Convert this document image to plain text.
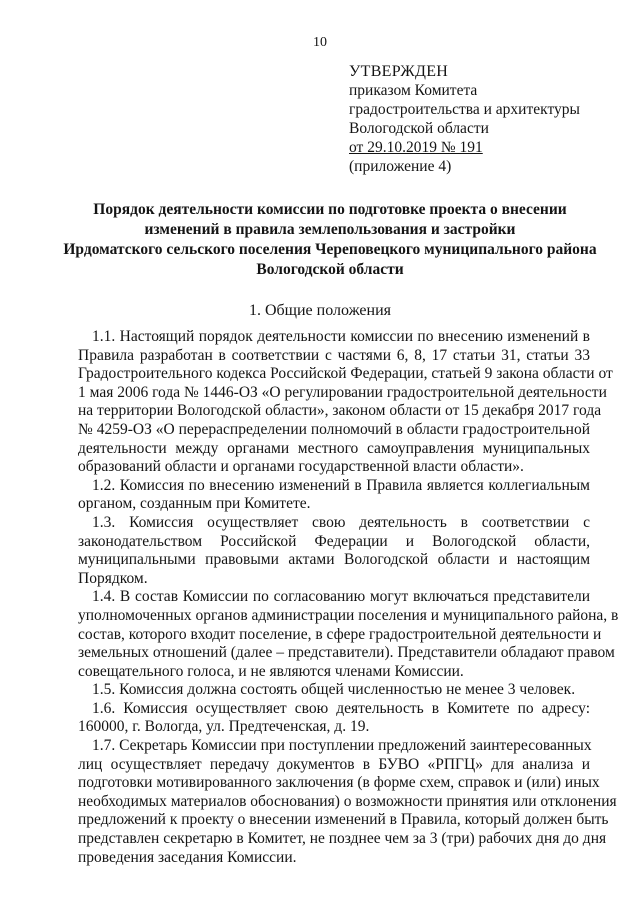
10
УТВЕРЖДЕН
приказом Комитета
градостроительства и архитектуры
Вологодской области
от 29.10.2019 № 191
(приложение 4)
Порядок деятельности комиссии по подготовке проекта о внесении
изменений в правила землепользования и застройки
Ирдоматского сельского поселения Череповецкого муниципального района
Вологодской области
1. Общие положения
1.1. Настоящий порядок деятельности комиссии по внесению изменений в
Правила разработан в соответствии с частями 6, 8, 17 статьи 31, статьи 33
Градостроительного кодекса Российской Федерации, статьей 9 закона области от
1 мая 2006 года № 1446-ОЗ «О регулировании градостроительной деятельности
на территории Вологодской области», законом области от 15 декабря 2017 года
№ 4259-ОЗ «О перераспределении полномочий в области градостроительной
деятельности между органами местного самоуправления муниципальных
образований области и органами государственной власти области».
1.2. Комиссия по внесению изменений в Правила является коллегиальным
органом, созданным при Комитете.
1.3. Комиссия осуществляет свою деятельность в соответствии с
законодательством Российской Федерации и Вологодской области,
муниципальными правовыми актами Вологодской области и настоящим
Порядком.
1.4. В состав Комиссии по согласованию могут включаться представители
уполномоченных органов администрации поселения и муниципального района, в
состав, которого входит поселение, в сфере градостроительной деятельности и
земельных отношений (далее – представители). Представители обладают правом
совещательного голоса, и не являются членами Комиссии.
1.5. Комиссия должна состоять общей численностью не менее 3 человек.
1.6. Комиссия осуществляет свою деятельность в Комитете по адресу:
160000, г. Вологда, ул. Предтеченская, д. 19.
1.7. Секретарь Комиссии при поступлении предложений заинтересованных
лиц осуществляет передачу документов в БУВО «РПГЦ» для анализа и
подготовки мотивированного заключения (в форме схем, справок и (или) иных
необходимых материалов обоснования) о возможности принятия или отклонения
предложений к проекту о внесении изменений в Правила, который должен быть
представлен секретарю в Комитет, не позднее чем за 3 (три) рабочих дня до дня
проведения заседания Комиссии.
